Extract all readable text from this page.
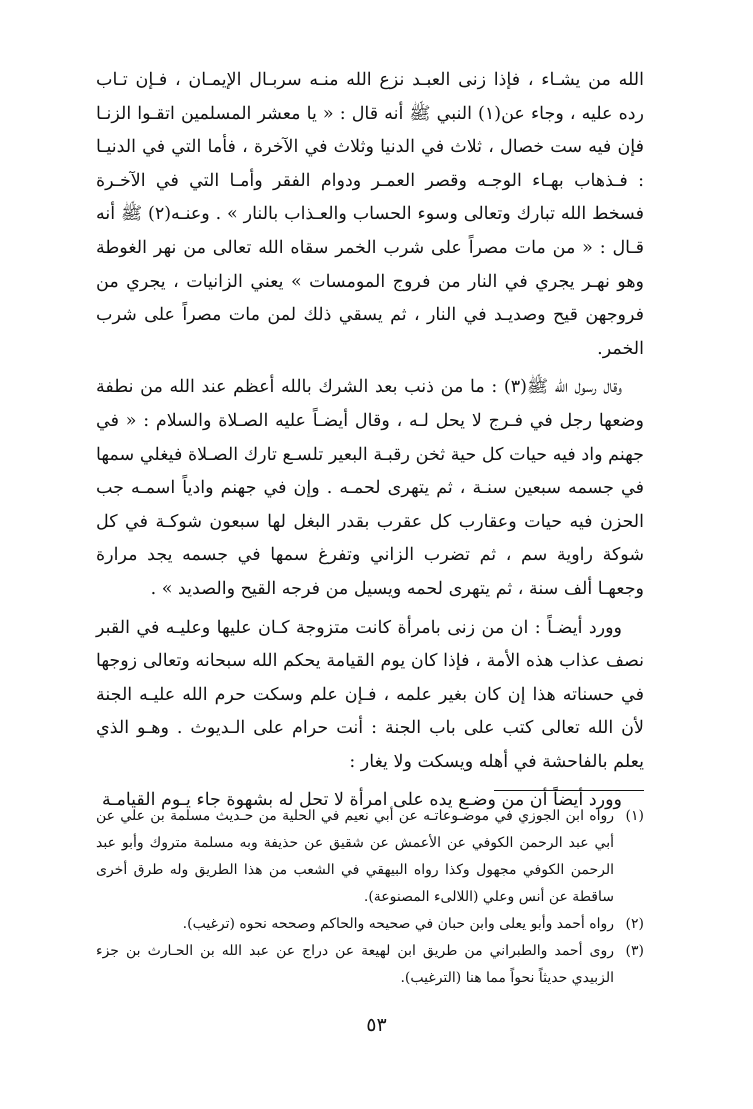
الله من يشـاء ، فإذا زنى العبـد نزع الله منـه سربـال الإيمـان ، فـإن تـاب رده عليه ، وجاء عن(١) النبي ﷺ أنه قال : « يا معشر المسلمين اتقـوا الزنـا فإن فيه ست خصال ، ثلاث في الدنيا وثلاث في الآخرة ، فأما التي في الدنيـا : فـذهاب بهـاء الوجـه وقصر العمـر ودوام الفقر وأمـا التي في الآخـرة فسخط الله تبارك وتعالى وسوء الحساب والعـذاب بالنار » . وعنـه(٢) ﷺ أنه قـال : « من مات مصراً على شرب الخمر سقاه الله تعالى من نهر الغوطة وهو نهـر يجري في النار من فروج المومسات » يعني الزانيات ، يجري من فروجهن قيح وصديـد في النار ، ثم يسقي ذلك لمن مات مصراً على شرب الخمر.

وقال رسول الله ﷺ(٣) : ما من ذنب بعد الشرك بالله أعظم عند الله من نطفة وضعها رجل في فـرج لا يحل لـه ، وقال أيضـاً عليه الصـلاة والسلام : « في جهنم واد فيه حيات كل حية ثخن رقبـة البعير تلسـع تارك الصـلاة فيغلي سمها في جسمه سبعين سنـة ، ثم يتهرى لحمـه . وإن في جهنم وادياً اسمـه جب الحزن فيه حيات وعقارب كل عقرب بقدر البغل لها سبعون شوكـة في كل شوكة راوية سم ، ثم تضرب الزاني وتفرغ سمها في جسمه يجد مرارة وجعهـا ألف سنة ، ثم يتهرى لحمه ويسيل من فرجه القيح والصديد » .

وورد أيضـاً : ان من زنى بامرأة كانت متزوجة كـان عليها وعليـه في القبر نصف عذاب هذه الأمة ، فإذا كان يوم القيامة يحكم الله سبحانه وتعالى زوجها في حسناته هذا إن كان بغير علمه ، فـإن علم وسكت حرم الله عليـه الجنة لأن الله تعالى كتب على باب الجنة : أنت حرام على الـديوث . وهـو الذي يعلم بالفاحشة في أهله ويسكت ولا يغار :

وورد أيضاً أن من وضـع يده على امرأة لا تحل له بشهوة جاء يـوم القيامـة

(١)
رواه ابن الجوزي في موضـوعاتـه عن أبي نعيم في الحلية من حـديث مسلمة بن علي عن أبي عبد الرحمن الكوفي عن الأعمش عن شقيق عن حذيفة وبه مسلمة متروك وأبو عبد الرحمن الكوفي مجهول وكذا رواه البيهقي في الشعب من هذا الطريق وله طرق أخرى ساقطة عن أنس وعلي (اللالىء المصنوعة).
(٢)
رواه أحمد وأبو يعلى وابن حبان في صحيحه والحاكم وصححه نحوه (ترغيب).
(٣)
روى أحمد والطبراني من طريق ابن لهيعة عن دراج عن عبد الله بن الحـارث بن جزء الزبيدي حديثاً نحواً مما هنا (الترغيب).
٥٣
